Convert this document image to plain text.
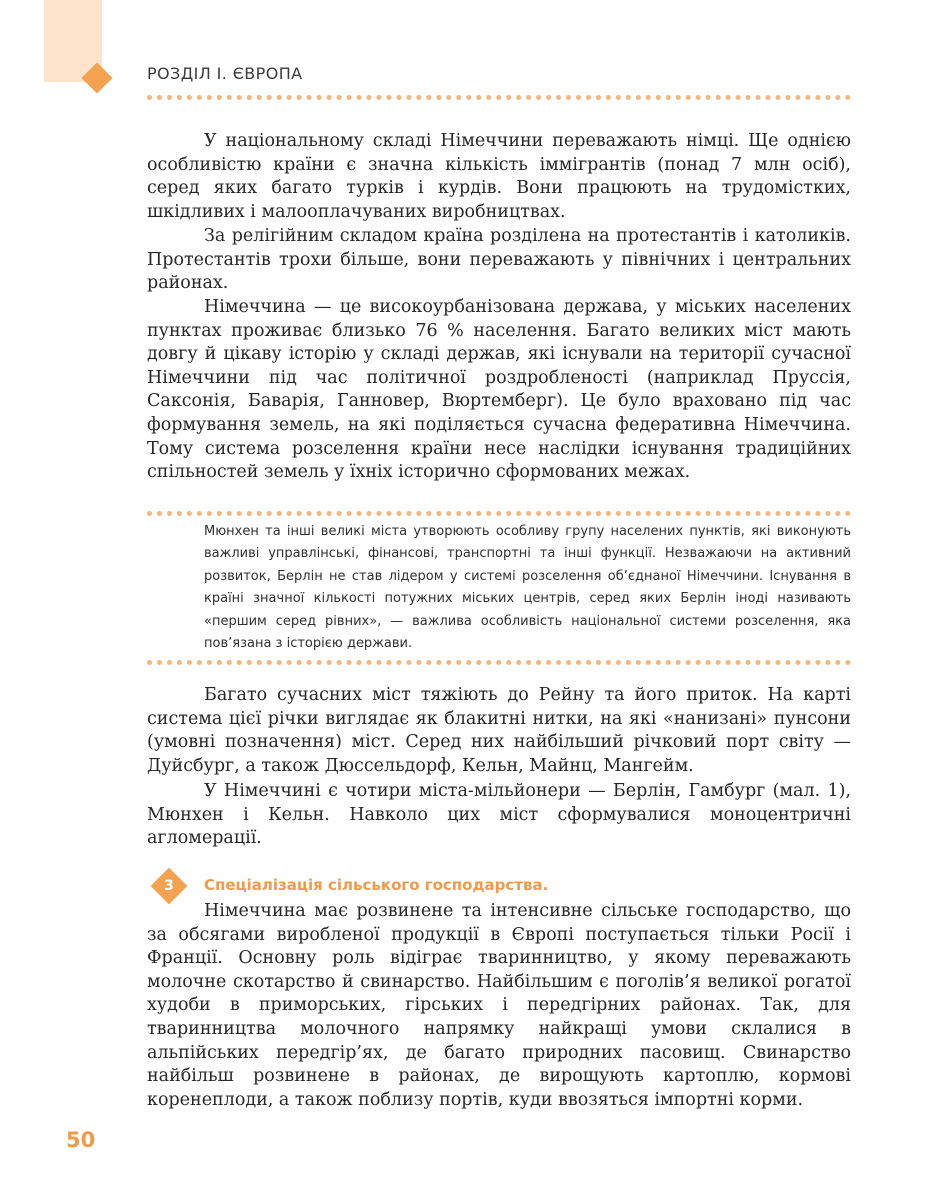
РОЗДІЛ І. ЄВРОПА

У національному складі Німеччини переважають німці. Ще однією особливістю країни є значна кількість іммігрантів (понад 7 млн осіб), серед яких багато турків і курдів. Вони працюють на трудомістких, шкідливих і малооплачуваних виробництвах.

За релігійним складом країна розділена на протестантів і католиків. Протестантів трохи більше, вони переважають у північних і центральних районах.

Німеччина — це високоурбанізована держава, у міських населених пунктах проживає близько 76 % населення. Багато великих міст мають довгу й цікаву історію у складі держав, які існували на території сучасної Німеччини під час політичної роздробленості (наприклад Пруссія, Саксонія, Баварія, Ганновер, Вюртемберг). Це було враховано під час формування земель, на які поділяється сучасна федеративна Німеччина. Тому система розселення країни несе наслідки існування традиційних спільностей земель у їхніх історично сформованих межах.

Мюнхен та інші великі міста утворюють особливу групу населених пунктів, які виконують важливі управлінські, фінансові, транспортні та інші функції. Незважаючи на активний розвиток, Берлін не став лідером у системі розселення об’єднаної Німеччини. Існування в країні значної кількості потужних міських центрів, серед яких Берлін іноді називають «першим серед рівних», — важлива особливість національної системи розселення, яка пов’язана з історією держави.

Багато сучасних міст тяжіють до Рейну та його приток. На карті система цієї річки виглядає як блакитні нитки, на які «нанизані» пунсони (умовні позначення) міст. Серед них найбільший річковий порт світу — Дуйсбург, а також Дюссельдорф, Кельн, Майнц, Мангейм.

У Німеччині є чотири міста-мільйонери — Берлін, Гамбург (мал. 1), Мюнхен і Кельн. Навколо цих міст сформувалися моноцентричні агломерації.

3	Спеціалізація сільського господарства.

Німеччина має розвинене та інтенсивне сільське господарство, що за обсягами виробленої продукції в Європі поступається тільки Росії і Франції. Основну роль відіграє тваринництво, у якому переважають молочне скотарство й свинарство. Найбільшим є поголів’я великої рогатої худоби в приморських, гірських і передгірних районах. Так, для тваринництва молочного напрямку найкращі умови склалися в альпійських передгір’ях, де багато природних пасовищ. Свинарство найбільш розвинене в районах, де вирощують картоплю, кормові коренеплоди, а також поблизу портів, куди ввозяться імпортні корми.

50
